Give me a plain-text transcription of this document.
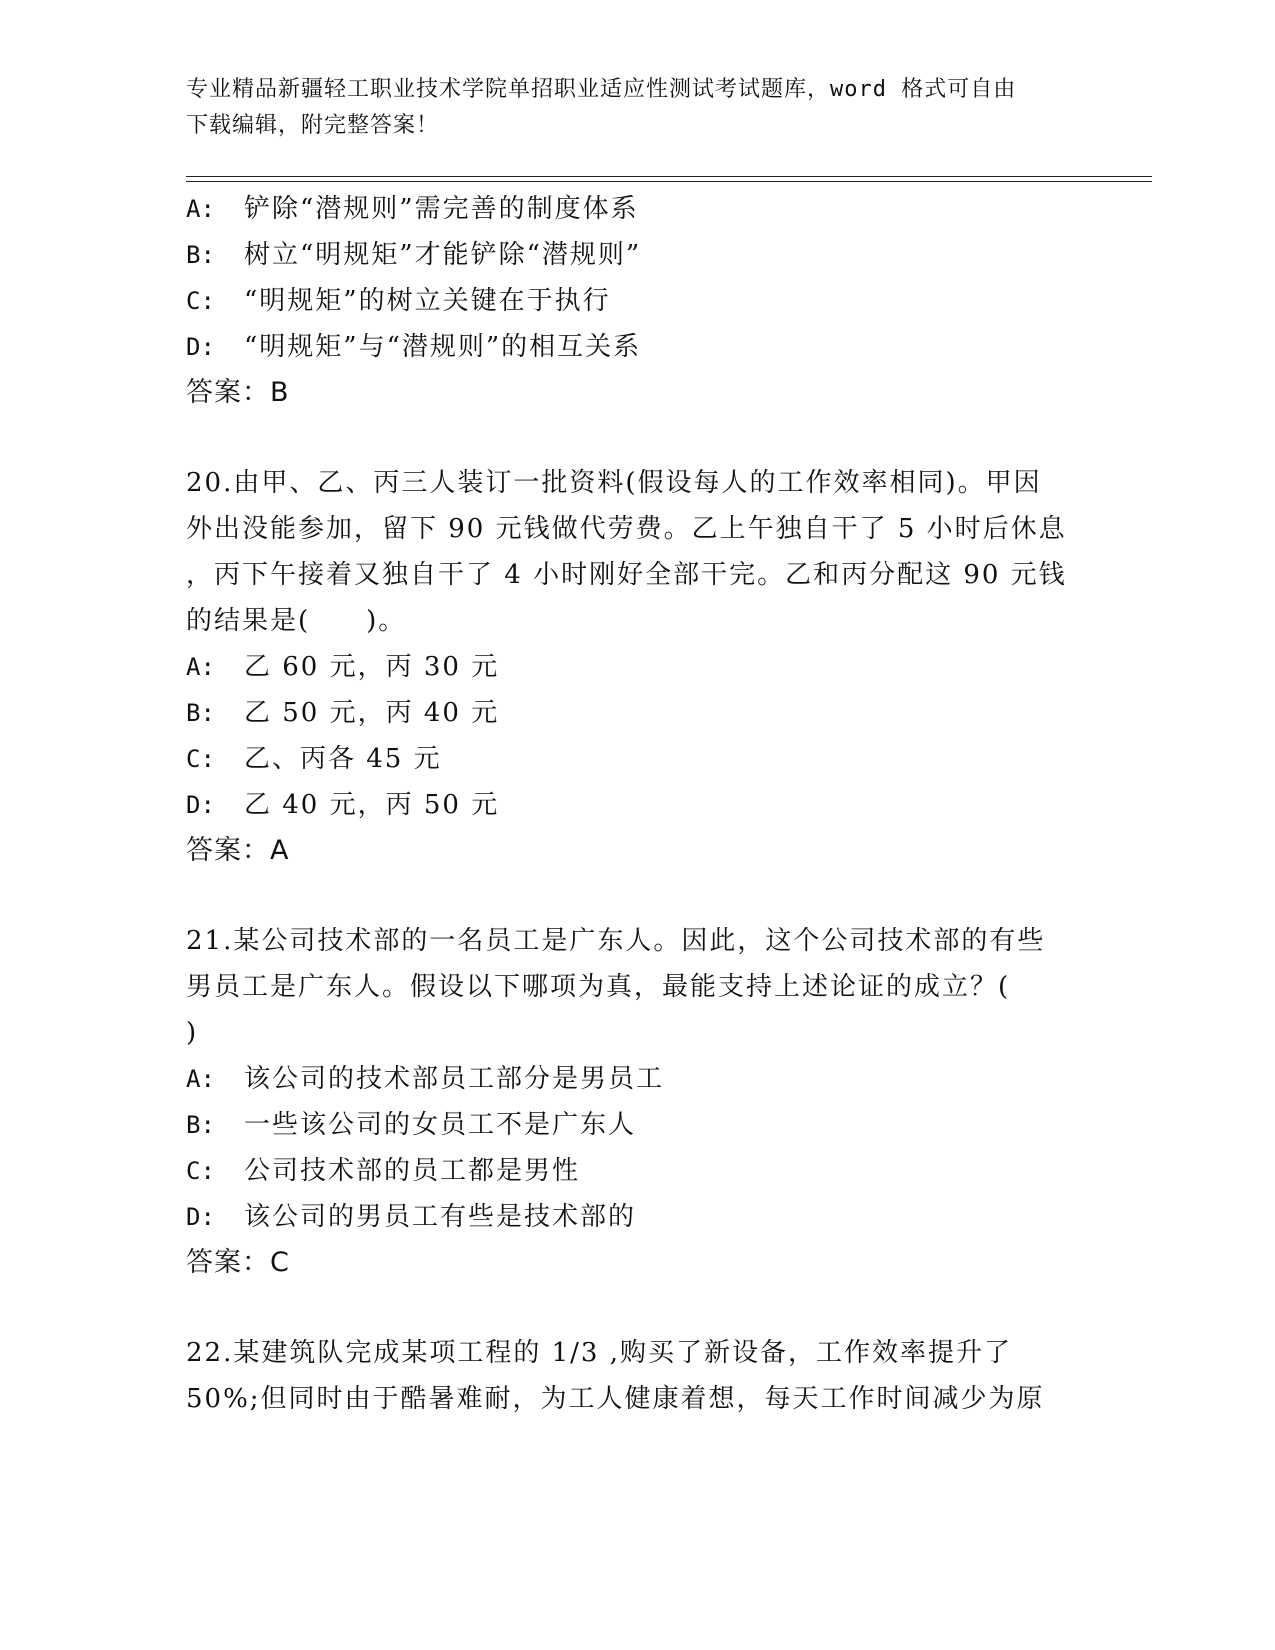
专业精品新疆轻工职业技术学院单招职业适应性测试考试题库，word 格式可自由
下载编辑，附完整答案！
A: 铲除“潜规则”需完善的制度体系
B: 树立“明规矩”才能铲除“潜规则”
C: “明规矩”的树立关键在于执行
D: “明规矩”与“潜规则”的相互关系
答案：B
20.由甲、乙、丙三人装订一批资料(假设每人的工作效率相同)。甲因
外出没能参加，留下 90 元钱做代劳费。乙上午独自干了 5 小时后休息
，丙下午接着又独自干了 4 小时刚好全部干完。乙和丙分配这 90 元钱
的结果是(　　)。
A: 乙 60 元，丙 30 元
B: 乙 50 元，丙 40 元
C: 乙、丙各 45 元
D: 乙 40 元，丙 50 元
答案：A
21.某公司技术部的一名员工是广东人。因此，这个公司技术部的有些
男员工是广东人。假设以下哪项为真，最能支持上述论证的成立？(
)
A: 该公司的技术部员工部分是男员工
B: 一些该公司的女员工不是广东人
C: 公司技术部的员工都是男性
D: 该公司的男员工有些是技术部的
答案：C
22.某建筑队完成某项工程的 1/3 ,购买了新设备，工作效率提升了
50%;但同时由于酷暑难耐，为工人健康着想，每天工作时间减少为原
